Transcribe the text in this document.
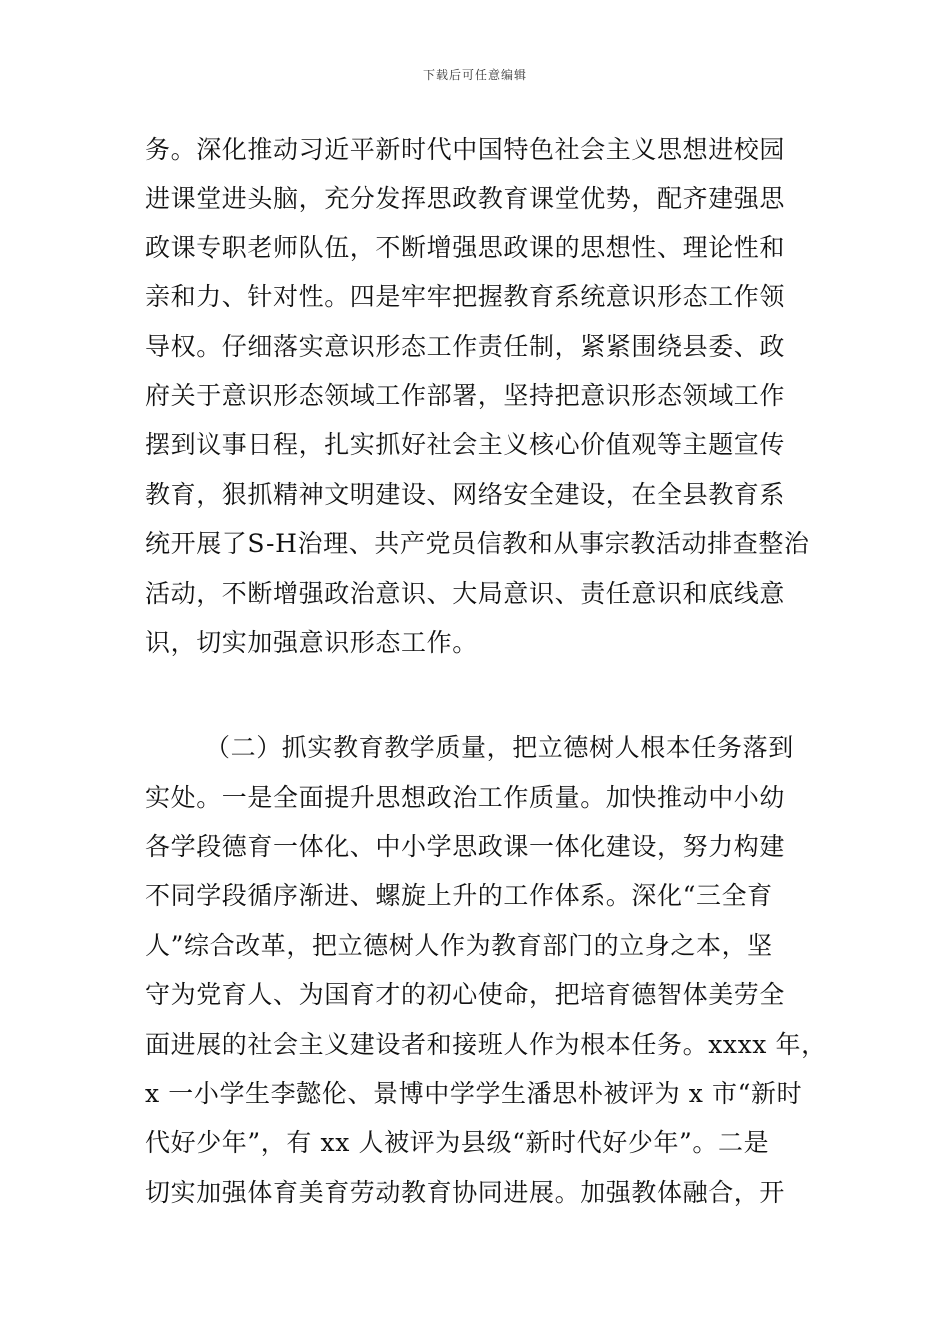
下载后可任意编辑
务。深化推动习近平新时代中国特色社会主义思想进校园
进课堂进头脑，充分发挥思政教育课堂优势，配齐建强思
政课专职老师队伍，不断增强思政课的思想性、理论性和
亲和力、针对性。四是牢牢把握教育系统意识形态工作领
导权。仔细落实意识形态工作责任制，紧紧围绕县委、政
府关于意识形态领域工作部署，坚持把意识形态领域工作
摆到议事日程，扎实抓好社会主义核心价值观等主题宣传
教育，狠抓精神文明建设、网络安全建设，在全县教育系
统开展了S-H治理、共产党员信教和从事宗教活动排查整治
活动，不断增强政治意识、大局意识、责任意识和底线意
识，切实加强意识形态工作。
（二）抓实教育教学质量，把立德树人根本任务落到
实处。一是全面提升思想政治工作质量。加快推动中小幼
各学段德育一体化、中小学思政课一体化建设，努力构建
不同学段循序渐进、螺旋上升的工作体系。深化“三全育
人”综合改革，把立德树人作为教育部门的立身之本，坚
守为党育人、为国育才的初心使命，把培育德智体美劳全
面进展的社会主义建设者和接班人作为根本任务。xxxx 年，
x 一小学生李懿伦、景博中学学生潘思朴被评为 x 市“新时
代好少年”，有 xx 人被评为县级“新时代好少年”。二是
切实加强体育美育劳动教育协同进展。加强教体融合，开
